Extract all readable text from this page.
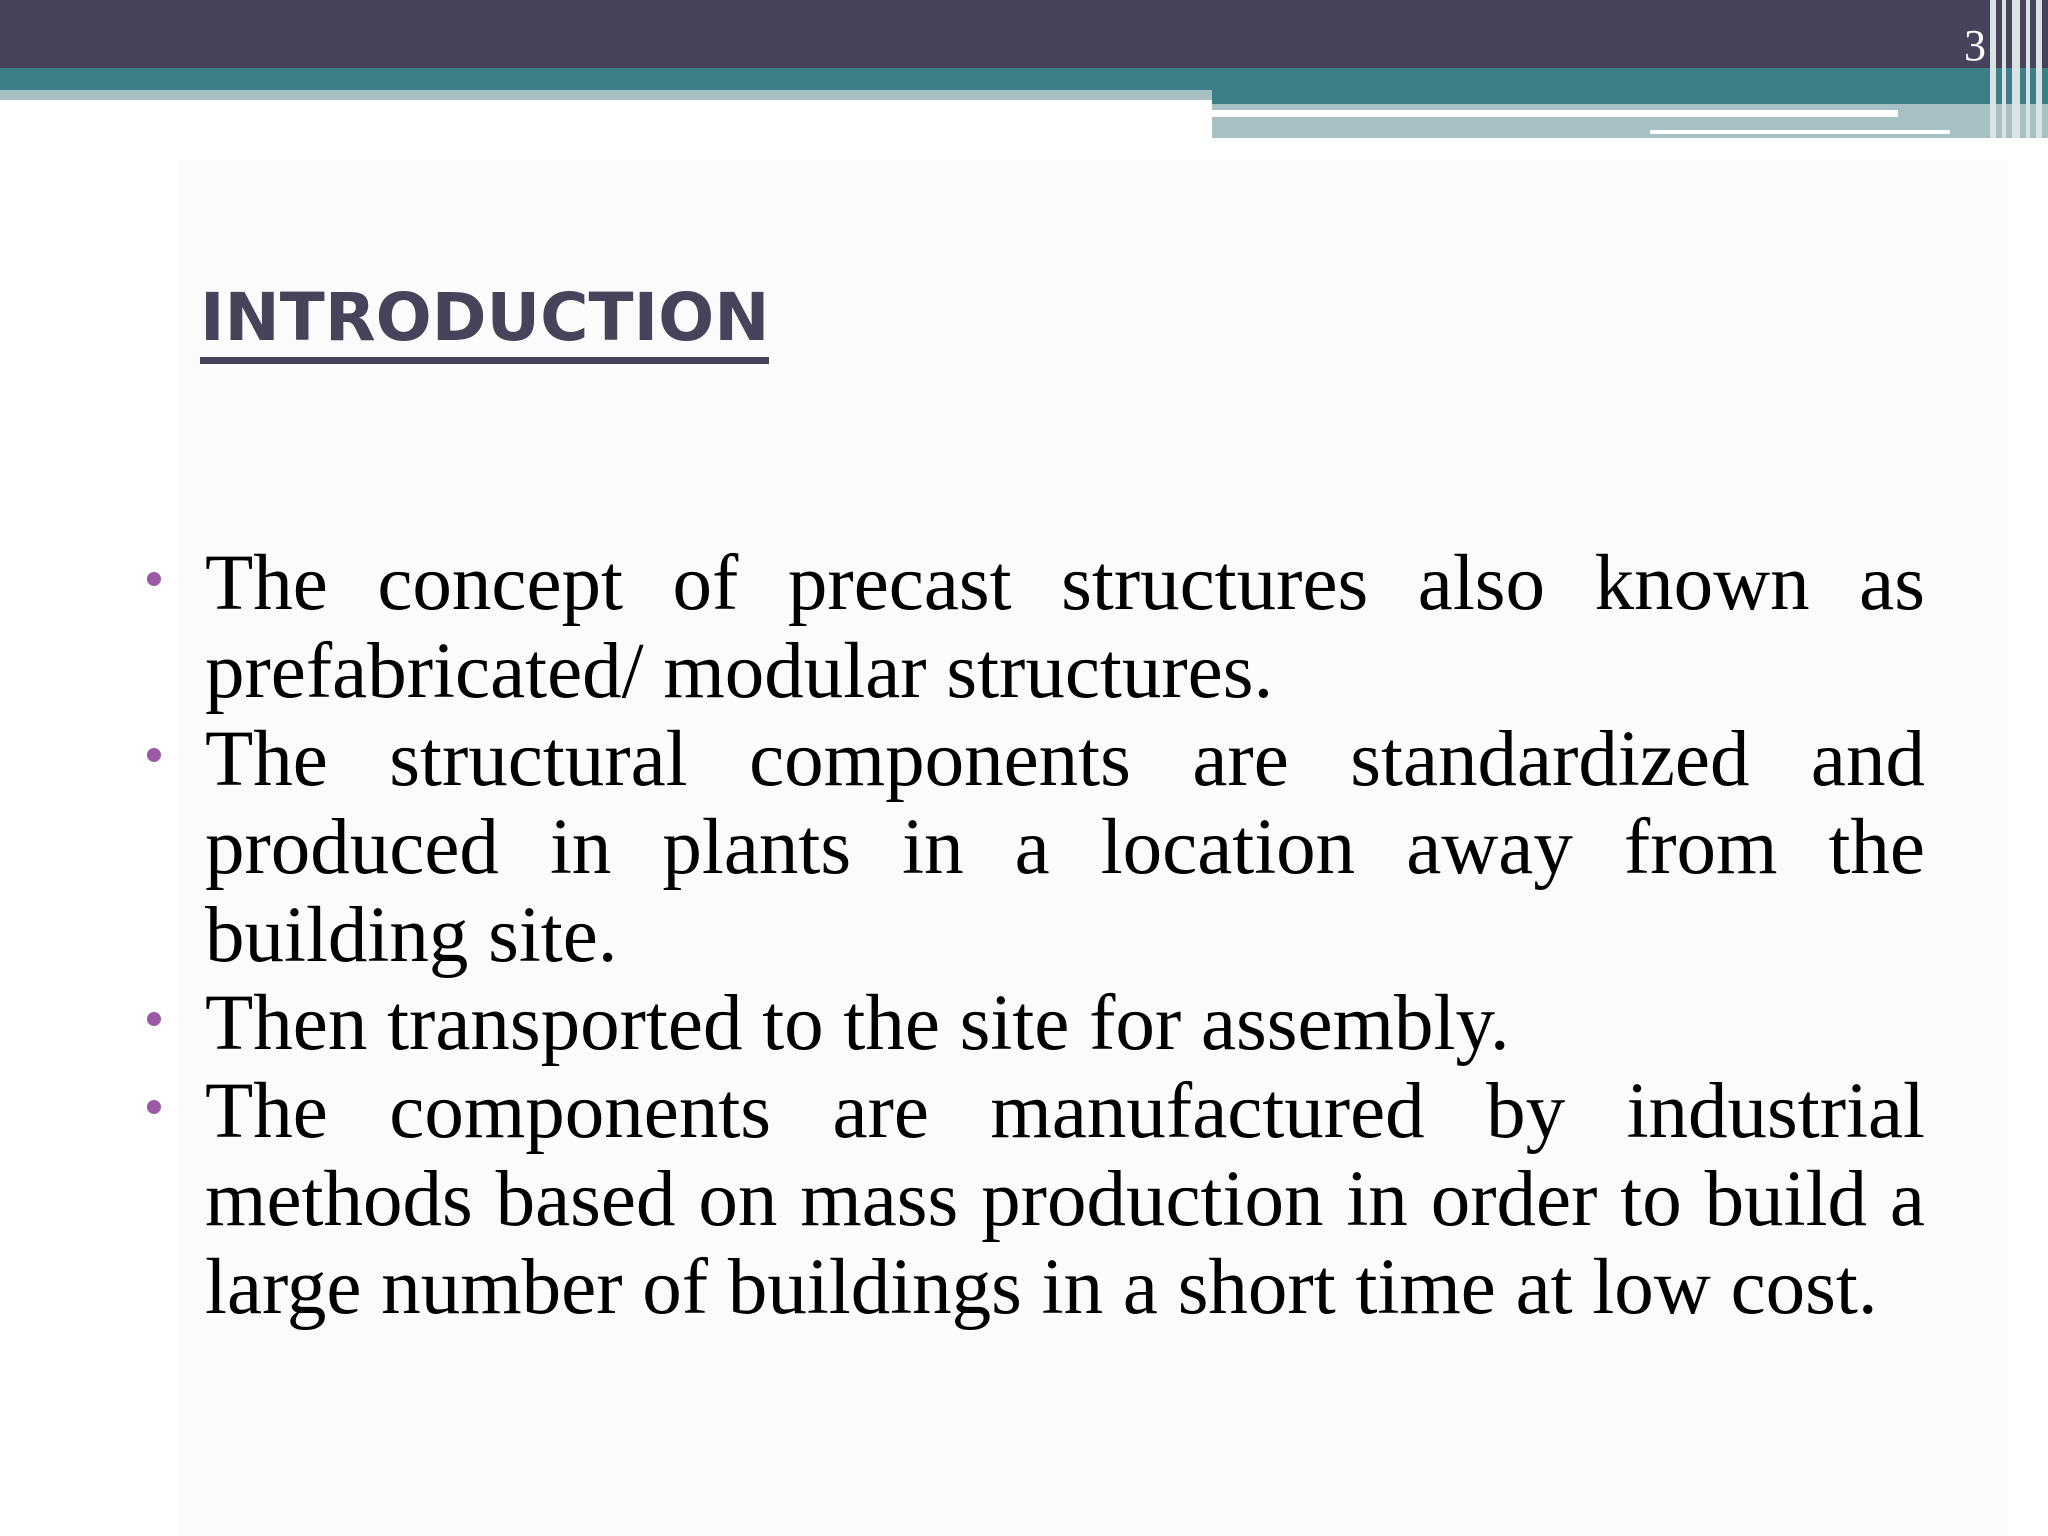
3
INTRODUCTION
The concept of precast structures also known as prefabricated/ modular structures.
The structural components are standardized and produced in plants in a location away from the building site.
Then transported to the site for assembly.
The components are manufactured by industrial methods based on mass production in order to build a large number of buildings in a short time at low cost.
